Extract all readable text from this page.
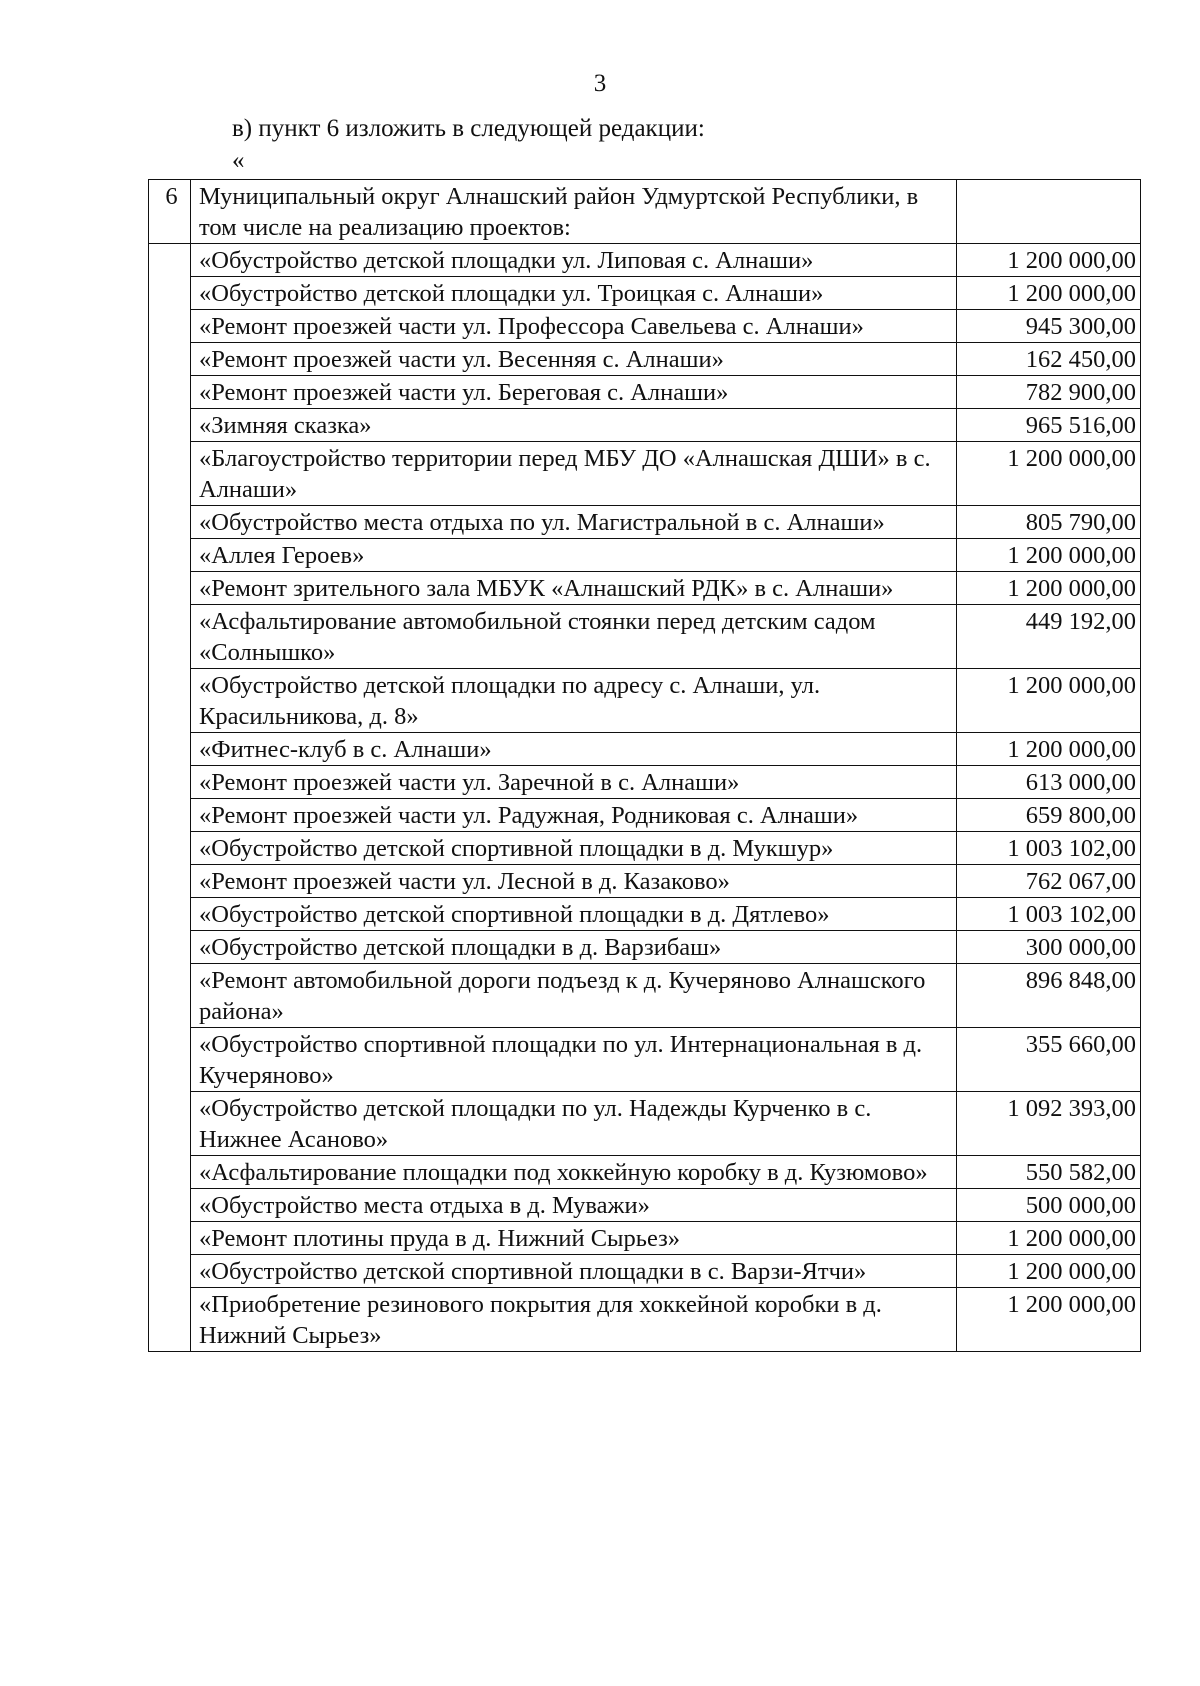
3
в) пункт 6 изложить в следующей редакции:
«
6	Муниципальный округ Алнашский район Удмуртской Республики, в том числе на реализацию проектов:	
	«Обустройство детской площадки ул. Липовая с. Алнаши»	1 200 000,00
	«Обустройство детской площадки ул. Троицкая с. Алнаши»	1 200 000,00
	«Ремонт проезжей части ул. Профессора Савельева с. Алнаши»	945 300,00
	«Ремонт проезжей части ул. Весенняя с. Алнаши»	162 450,00
	«Ремонт проезжей части ул. Береговая с. Алнаши»	782 900,00
	«Зимняя сказка»	965 516,00
	«Благоустройство территории перед МБУ ДО «Алнашская ДШИ» в с. Алнаши»	1 200 000,00
	«Обустройство места отдыха по ул. Магистральной в с. Алнаши»	805 790,00
	«Аллея Героев»	1 200 000,00
	«Ремонт зрительного зала МБУК «Алнашский РДК» в с. Алнаши»	1 200 000,00
	«Асфальтирование автомобильной стоянки перед детским садом «Солнышко»	449 192,00
	«Обустройство детской площадки по адресу с. Алнаши, ул. Красильникова, д. 8»	1 200 000,00
	«Фитнес-клуб в с. Алнаши»	1 200 000,00
	«Ремонт проезжей части ул. Заречной в с. Алнаши»	613 000,00
	«Ремонт проезжей части ул. Радужная, Родниковая с. Алнаши»	659 800,00
	«Обустройство детской спортивной площадки в д. Мукшур»	1 003 102,00
	«Ремонт проезжей части ул. Лесной в д. Казаково»	762 067,00
	«Обустройство детской спортивной площадки в д. Дятлево»	1 003 102,00
	«Обустройство детской площадки в д. Варзибаш»	300 000,00
	«Ремонт автомобильной дороги подъезд к д. Кучеряново Алнашского района»	896 848,00
	«Обустройство спортивной площадки по ул. Интернациональная в д. Кучеряново»	355 660,00
	«Обустройство детской площадки по ул. Надежды Курченко в с. Нижнее Асаново»	1 092 393,00
	«Асфальтирование площадки под хоккейную коробку в д. Кузюмово»	550 582,00
	«Обустройство места отдыха в д. Муважи»	500 000,00
	«Ремонт плотины пруда в д. Нижний Сырьез»	1 200 000,00
	«Обустройство детской спортивной площадки в с. Варзи-Ятчи»	1 200 000,00
	«Приобретение резинового покрытия для хоккейной коробки в д. Нижний Сырьез»	1 200 000,00
